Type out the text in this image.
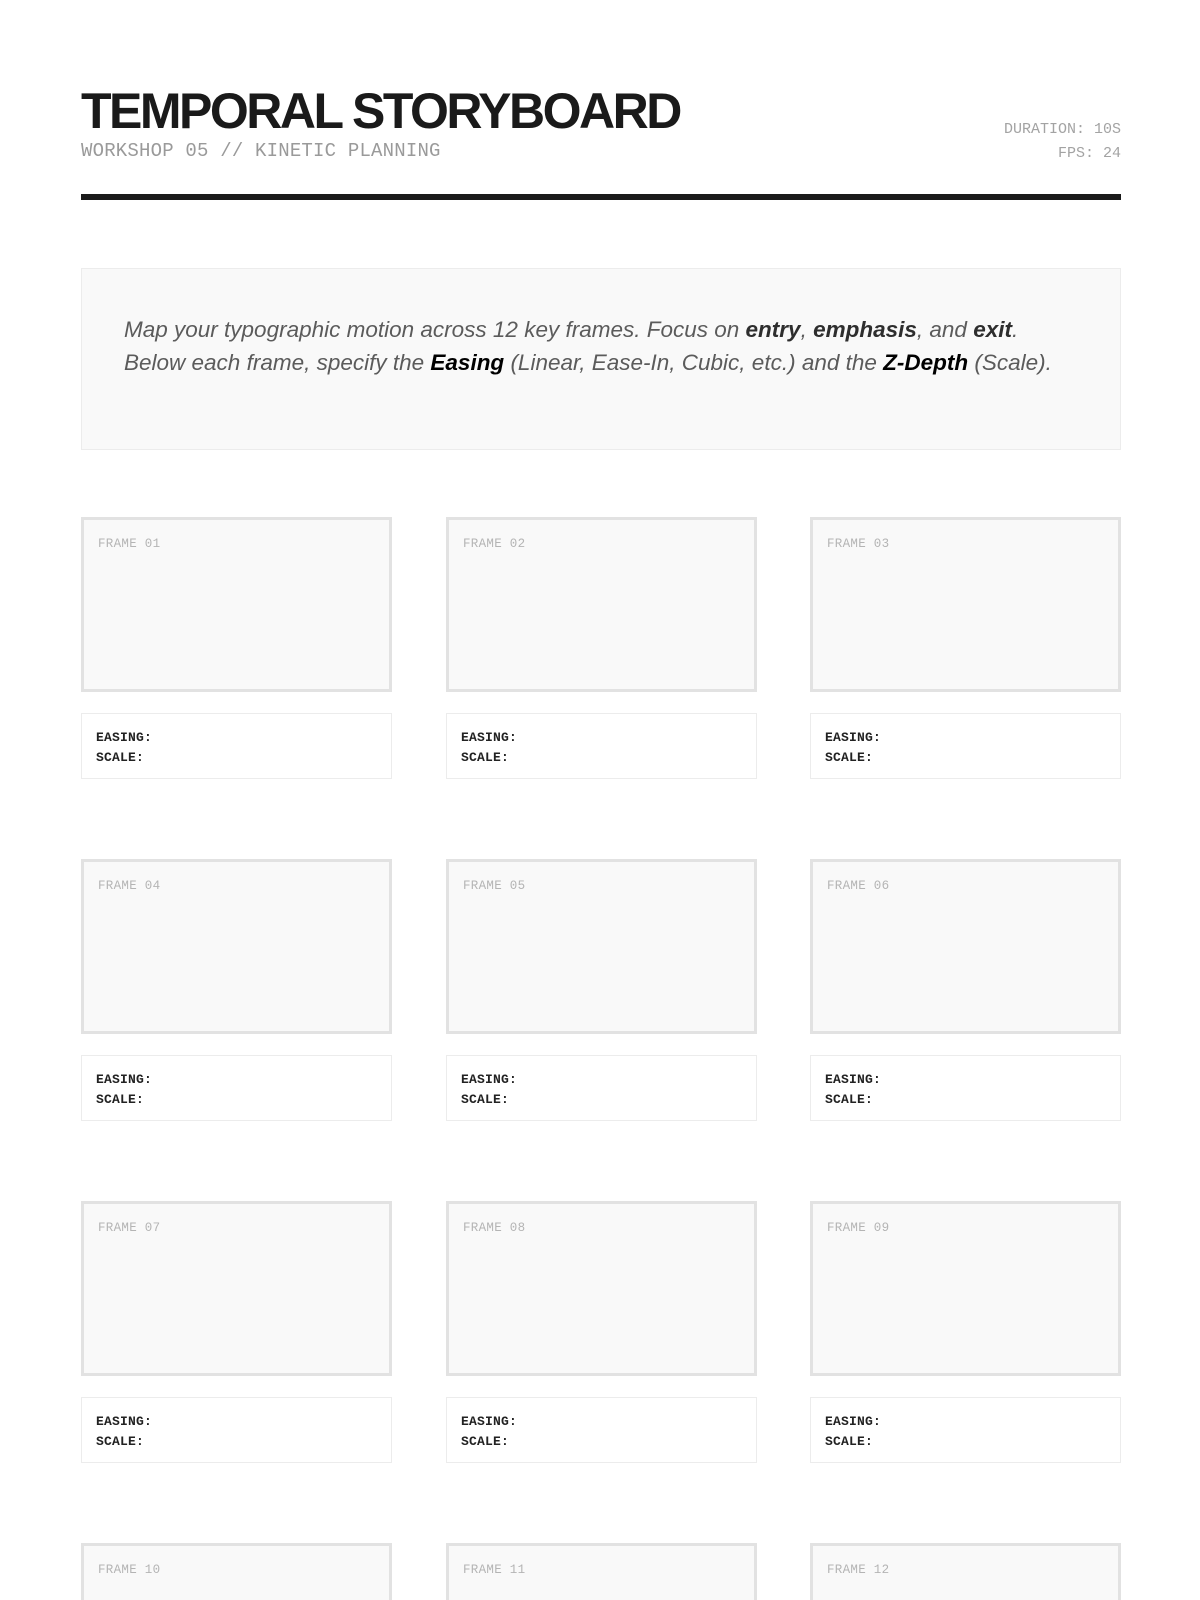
TEMPORAL STORYBOARD
WORKSHOP 05 // KINETIC PLANNING
DURATION: 10S
FPS: 24

Map your typographic motion across 12 key frames. Focus on entry, emphasis, and exit. Below each frame, specify the Easing (Linear, Ease-In, Cubic, etc.) and the Z-Depth (Scale).

FRAME 01
EASING:
SCALE:
FRAME 02
EASING:
SCALE:
FRAME 03
EASING:
SCALE:
FRAME 04
EASING:
SCALE:
FRAME 05
EASING:
SCALE:
FRAME 06
EASING:
SCALE:
FRAME 07
EASING:
SCALE:
FRAME 08
EASING:
SCALE:
FRAME 09
EASING:
SCALE:
FRAME 10	FRAME 11	FRAME 12
